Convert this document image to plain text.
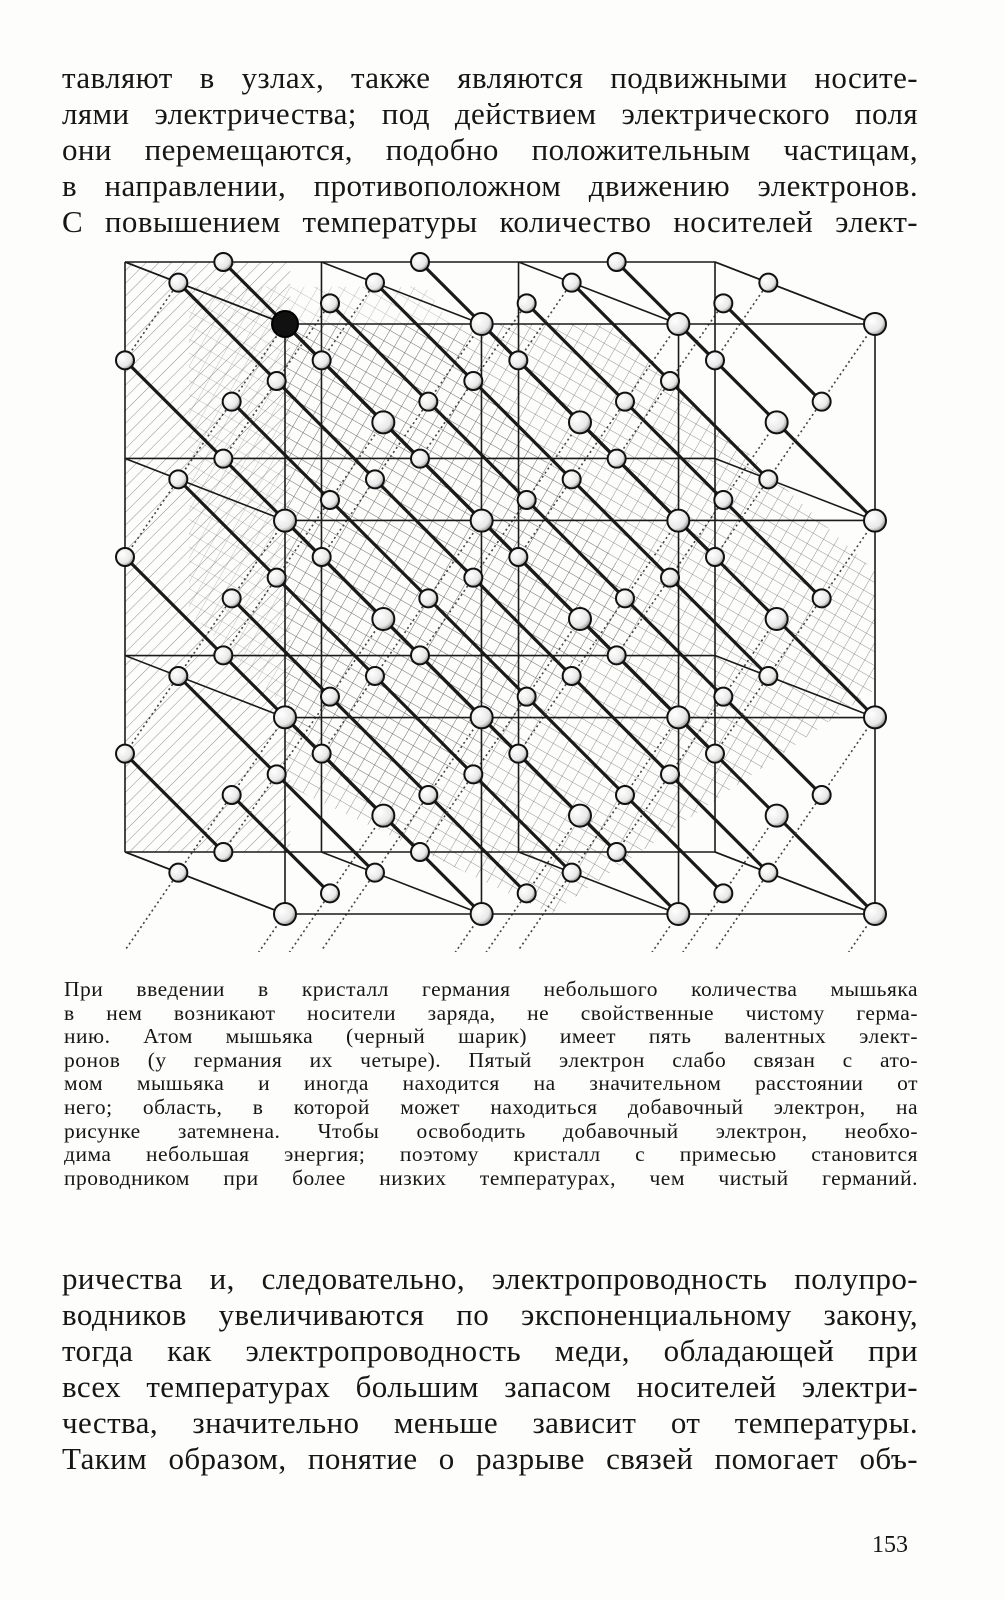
тавляют в узлах, также являются подвижными носите-
лями электричества; под действием электрического поля
они перемещаются, подобно положительным частицам,
в направлении, противоположном движению электронов.
С повышением температуры количество носителей элект-
При введении в кристалл германия небольшого количества мышьяка
в нем возникают носители заряда, не свойственные чистому герма-
нию. Атом мышьяка (черный шарик) имеет пять валентных элект-
ронов (у германия их четыре). Пятый электрон слабо связан с ато-
мом мышьяка и иногда находится на значительном расстоянии от
него; область, в которой может находиться добавочный электрон, на
рисунке затемнена. Чтобы освободить добавочный электрон, необхо-
дима небольшая энергия; поэтому кристалл с примесью становится
проводником при более низких температурах, чем чистый германий.
ричества и, следовательно, электропроводность полупро-
водников увеличиваются по экспоненциальному закону,
тогда как электропроводность меди, обладающей при
всех температурах большим запасом носителей электри-
чества, значительно меньше зависит от температуры.
Таким образом, понятие о разрыве связей помогает объ-
153
